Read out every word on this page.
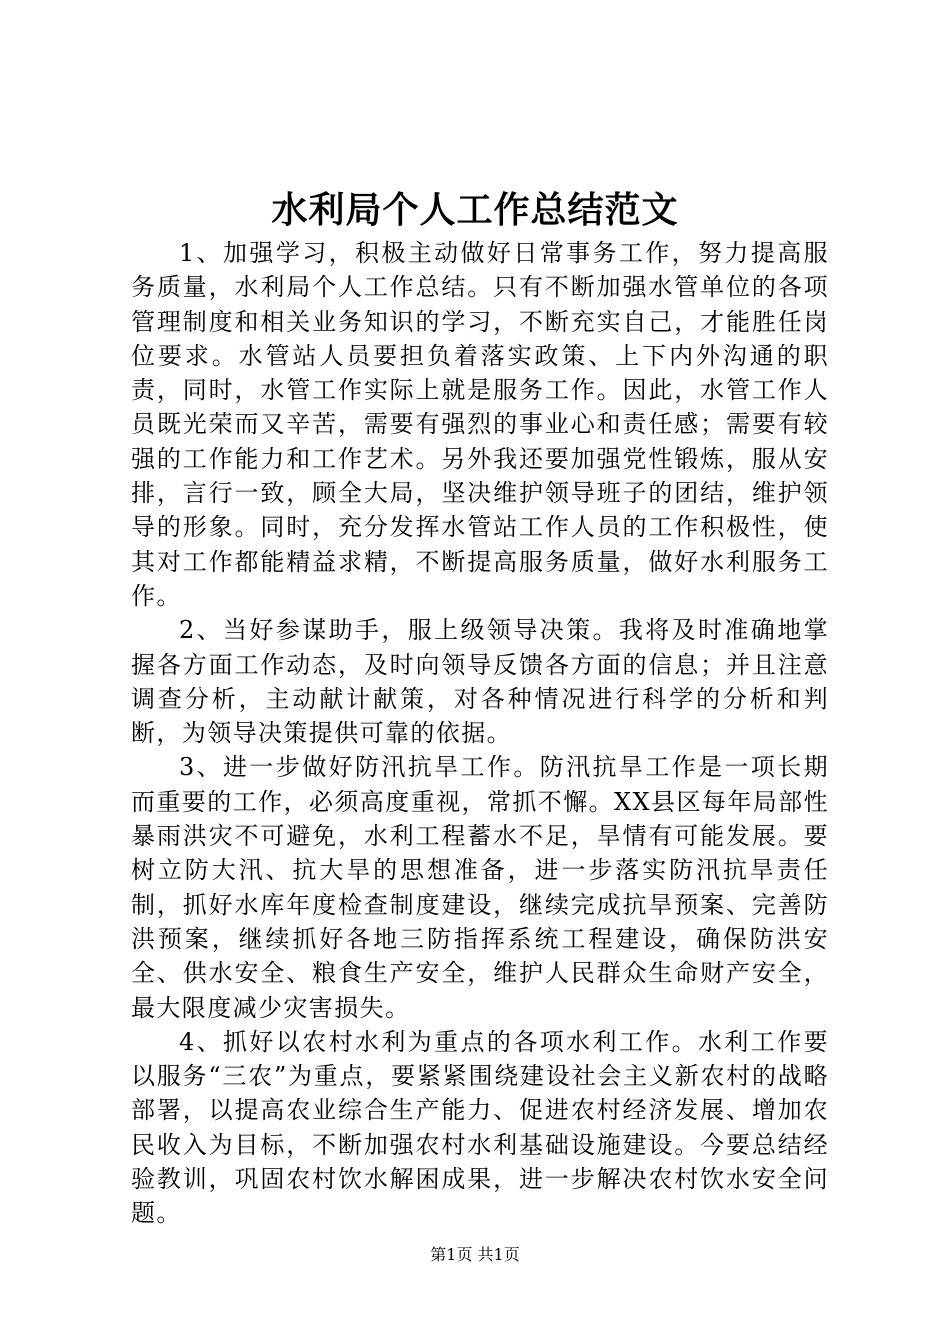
水利局个人工作总结范文

1、加强学习，积极主动做好日常事务工作，努力提高服务质量，水利局个人工作总结。只有不断加强水管单位的各项管理制度和相关业务知识的学习，不断充实自己，才能胜任岗位要求。水管站人员要担负着落实政策、上下内外沟通的职责，同时，水管工作实际上就是服务工作。因此，水管工作人员既光荣而又辛苦，需要有强烈的事业心和责任感；需要有较强的工作能力和工作艺术。另外我还要加强党性锻炼，服从安排，言行一致，顾全大局，坚决维护领导班子的团结，维护领导的形象。同时，充分发挥水管站工作人员的工作积极性，使其对工作都能精益求精，不断提高服务质量，做好水利服务工作。

2、当好参谋助手，服上级领导决策。我将及时准确地掌握各方面工作动态，及时向领导反馈各方面的信息；并且注意调查分析，主动献计献策，对各种情况进行科学的分析和判断，为领导决策提供可靠的依据。

3、进一步做好防汛抗旱工作。防汛抗旱工作是一项长期而重要的工作，必须高度重视，常抓不懈。XX县区每年局部性暴雨洪灾不可避免，水利工程蓄水不足，旱情有可能发展。要树立防大汛、抗大旱的思想准备，进一步落实防汛抗旱责任制，抓好水库年度检查制度建设，继续完成抗旱预案、完善防洪预案，继续抓好各地三防指挥系统工程建设，确保防洪安全、供水安全、粮食生产安全，维护人民群众生命财产安全，最大限度减少灾害损失。

4、抓好以农村水利为重点的各项水利工作。水利工作要以服务“三农”为重点，要紧紧围绕建设社会主义新农村的战略部署，以提高农业综合生产能力、促进农村经济发展、增加农民收入为目标，不断加强农村水利基础设施建设。今要总结经验教训，巩固农村饮水解困成果，进一步解决农村饮水安全问题。

第1页 共1页
